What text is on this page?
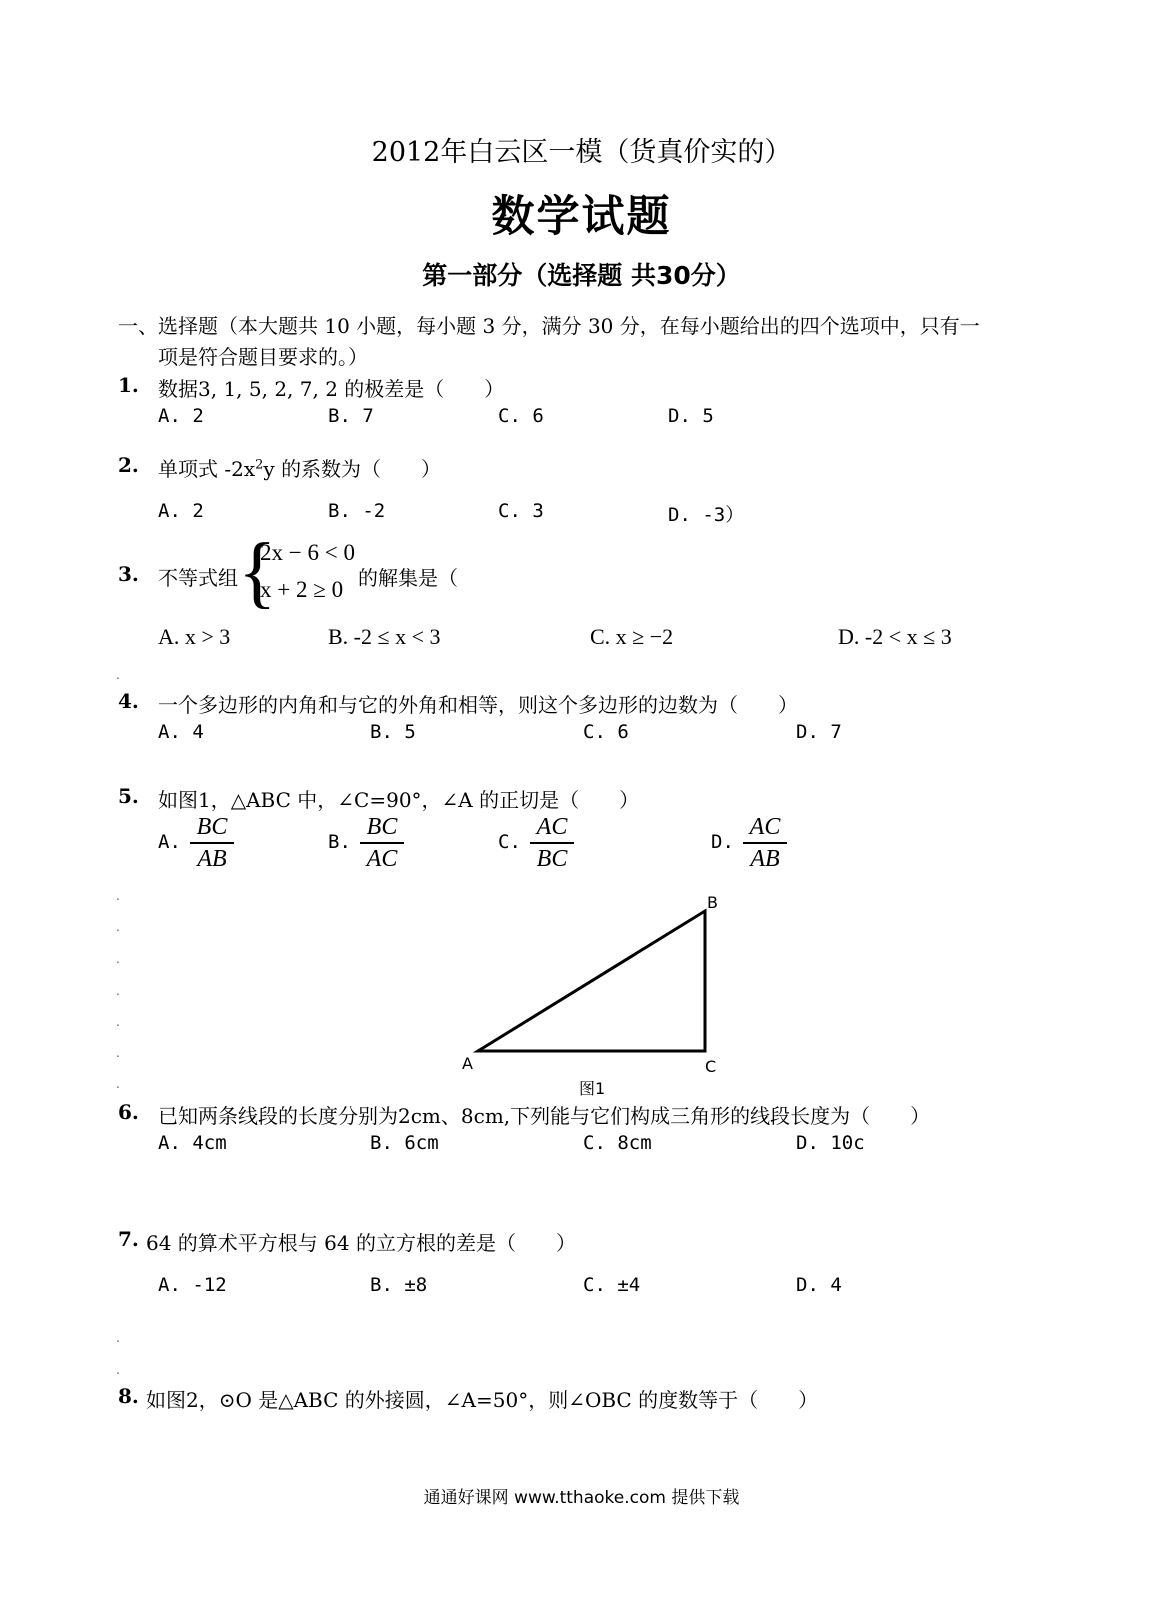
2012年白云区一模（货真价实的）
数学试题
第一部分（选择题 共30分）
一、选择题（本大题共 10 小题，每小题 3 分，满分 30 分，在每小题给出的四个选项中，只有一
项是符合题目要求的。）
1. 数据3, 1, 5, 2, 7, 2 的极差是（　　）
A. 2	B. 7	C. 6	D. 5
2. 单项式 $-2x^2y$ 的系数为（　　）
A. 2	B. -2	C. 3	D. -3）
3. 不等式组 {
2x − 6 < 0
x + 2 ≥ 0 的解集是（
A. x > 3	B. -2 ≤ x < 3	C. x ≥ −2	D. -2 < x ≤ 3
.
4. 一个多边形的内角和与它的外角和相等，则这个多边形的边数为（　　）
A. 4	B. 5	C. 6	D. 7
5. 如图1，△ABC 中，∠C=90°，∠A 的正切是（　　）
A.
BC
AB
B.
BC
AC
C.
AC
BC
D.
AC
AB
.
.
.
.
.
.
.
B
A	C
图1
6. 已知两条线段的长度分别为2cm、8cm,下列能与它们构成三角形的线段长度为（　　）
A. 4cm	B. 6cm	C. 8cm	D. 10c
7. 64 的算术平方根与 64 的立方根的差是（　　）
A. -12	B. ±8	C. ±4	D. 4
.
.
8. 如图2，⊙O 是△ABC 的外接圆，∠A=50°，则∠OBC 的度数等于（　　）
通通好课网 www.tthaoke.com 提供下载
